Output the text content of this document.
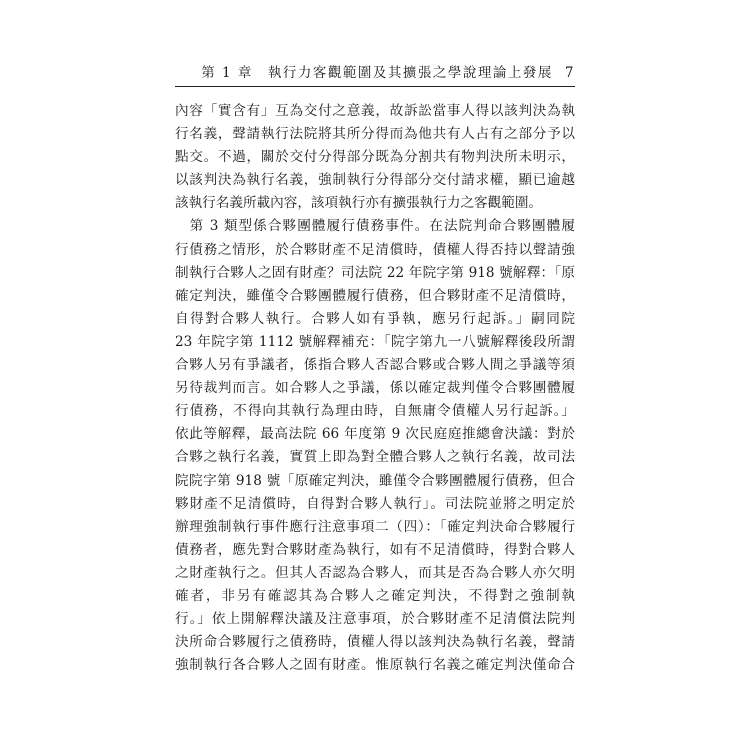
第 1 章　執行力客觀範圍及其擴張之學說理論上發展 7
內容「實含有」互為交付之意義，故訴訟當事人得以該判決為執
行名義，聲請執行法院將其所分得而為他共有人占有之部分予以
點交。不過，關於交付分得部分既為分割共有物判決所未明示，
以該判決為執行名義，強制執行分得部分交付請求權，顯已逾越
該執行名義所載內容，該項執行亦有擴張執行力之客觀範圍。
　第 3 類型係合夥團體履行債務事件。在法院判命合夥團體履
行債務之情形，於合夥財產不足清償時，債權人得否持以聲請強
制執行合夥人之固有財產？司法院 22 年院字第 918 號解釋：「原
確定判決，雖僅令合夥團體履行債務，但合夥財產不足清償時，
自得對合夥人執行。合夥人如有爭執，應另行起訴。」嗣同院
23 年院字第 1112 號解釋補充：「院字第九一八號解釋後段所謂
合夥人另有爭議者，係指合夥人否認合夥或合夥人間之爭議等須
另待裁判而言。如合夥人之爭議，係以確定裁判僅令合夥團體履
行債務，不得向其執行為理由時，自無庸令債權人另行起訴。」
依此等解釋，最高法院 66 年度第 9 次民庭庭推總會決議：對於
合夥之執行名義，實質上即為對全體合夥人之執行名義，故司法
院院字第 918 號「原確定判決，雖僅令合夥團體履行債務，但合
夥財產不足清償時，自得對合夥人執行」。司法院並將之明定於
辦理強制執行事件應行注意事項二（四）：「確定判決命合夥履行
債務者，應先對合夥財產為執行，如有不足清償時，得對合夥人
之財產執行之。但其人否認為合夥人，而其是否為合夥人亦欠明
確者，非另有確認其為合夥人之確定判決，不得對之強制執
行。」依上開解釋決議及注意事項，於合夥財產不足清償法院判
決所命合夥履行之債務時，債權人得以該判決為執行名義，聲請
強制執行各合夥人之固有財產。惟原執行名義之確定判決僅命合
